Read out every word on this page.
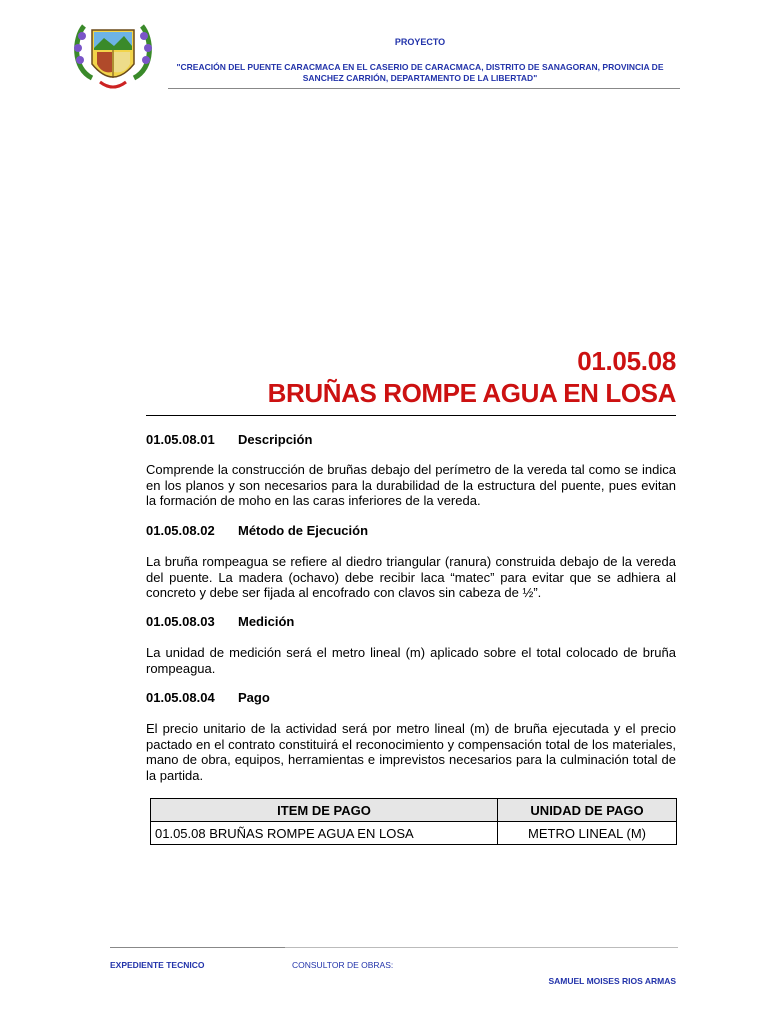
PROYECTO
"CREACIÓN DEL PUENTE CARACMACA EN EL CASERIO DE CARACMACA, DISTRITO DE SANAGORAN, PROVINCIA DE SANCHEZ CARRIÓN, DEPARTAMENTO DE LA LIBERTAD"
01.05.08
BRUÑAS ROMPE AGUA EN LOSA
01.05.08.01 Descripción
Comprende la construcción de bruñas debajo del perímetro de la vereda tal como se indica en los planos y son necesarios para la durabilidad de la estructura del puente, pues evitan la formación de moho en las caras inferiores de la vereda.
01.05.08.02 Método de Ejecución
La bruña rompeagua se refiere al diedro triangular (ranura) construida debajo de la vereda del puente. La madera (ochavo) debe recibir laca “matec” para evitar que se adhiera al concreto y debe ser fijada al encofrado con clavos sin cabeza de ½”.
01.05.08.03 Medición
La unidad de medición será el metro lineal (m) aplicado sobre el total colocado de bruña rompeagua.
01.05.08.04 Pago
El precio unitario de la actividad será por metro lineal (m) de bruña ejecutada y el precio pactado en el contrato constituirá el reconocimiento y compensación total de los materiales, mano de obra, equipos, herramientas e imprevistos necesarios para la culminación total de la partida.
ITEM DE PAGO	UNIDAD DE PAGO
01.05.08 BRUÑAS ROMPE AGUA EN LOSA	METRO LINEAL (M)
EXPEDIENTE TECNICO	CONSULTOR DE OBRAS:
SAMUEL MOISES RIOS ARMAS
